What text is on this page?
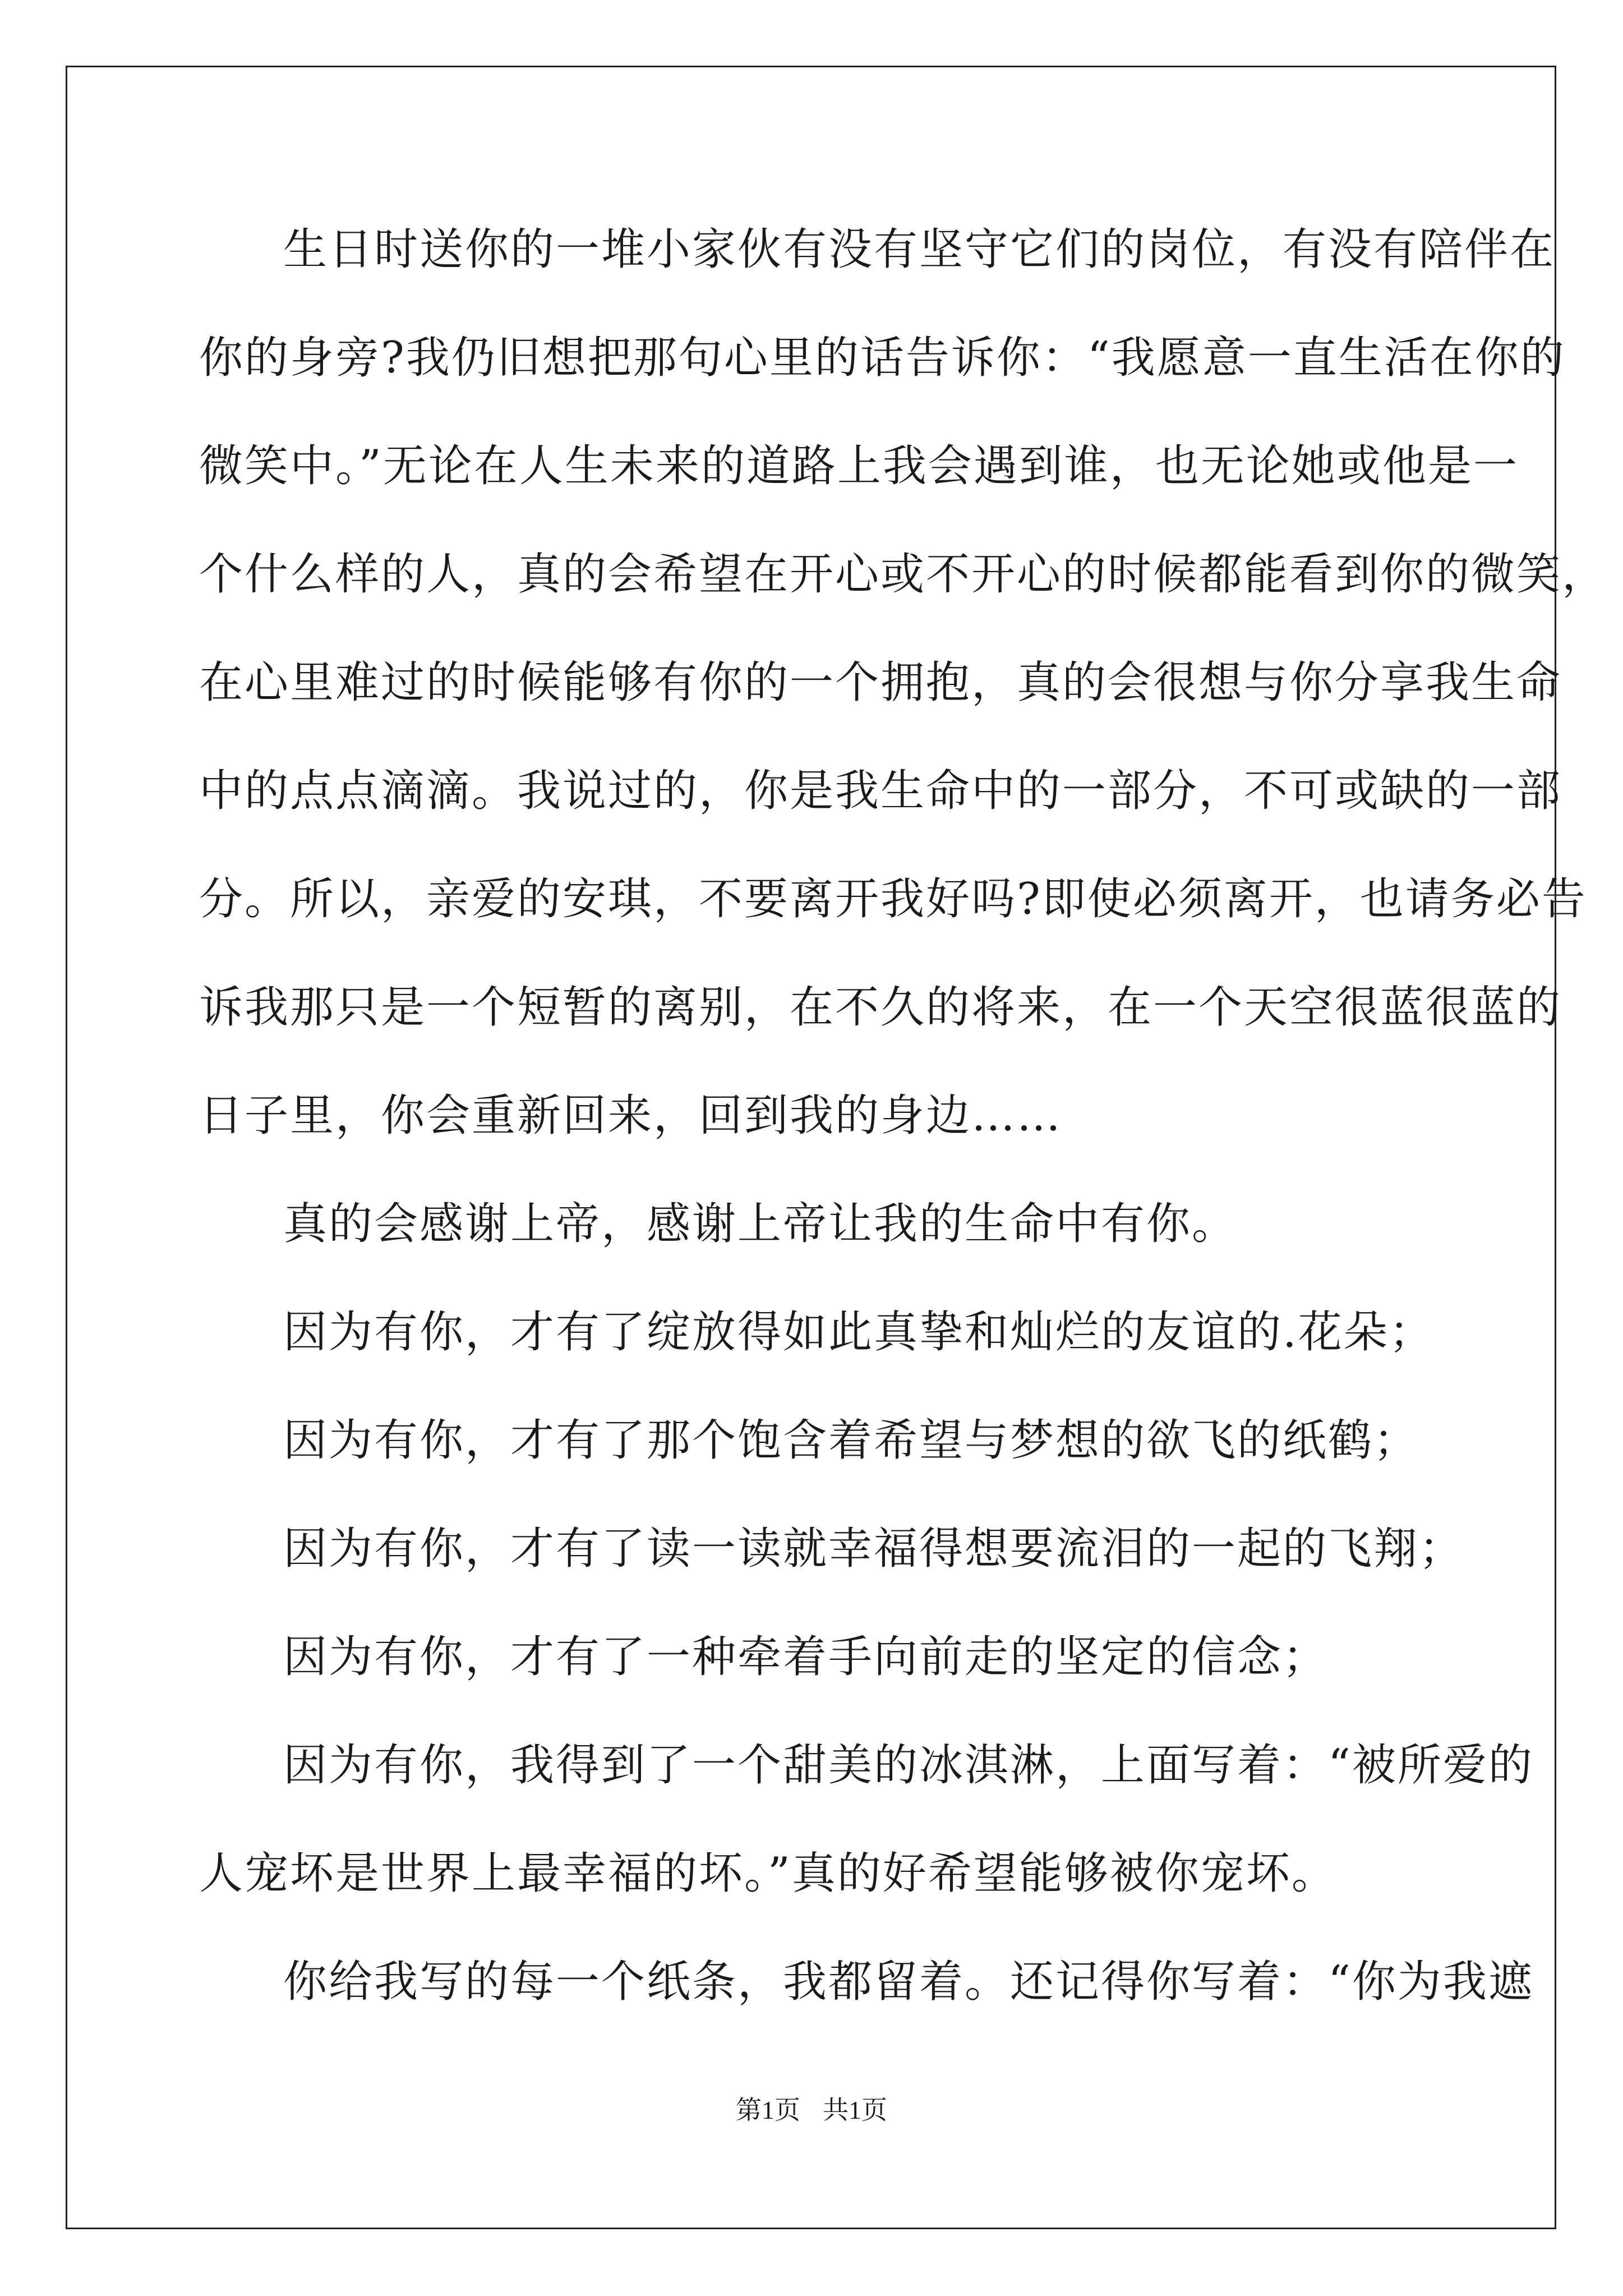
生日时送你的一堆小家伙有没有坚守它们的岗位，有没有陪伴在
你的身旁?我仍旧想把那句心里的话告诉你：“我愿意一直生活在你的
微笑中。”无论在人生未来的道路上我会遇到谁，也无论她或他是一
个什么样的人，真的会希望在开心或不开心的时候都能看到你的微笑，
在心里难过的时候能够有你的一个拥抱，真的会很想与你分享我生命
中的点点滴滴。我说过的，你是我生命中的一部分，不可或缺的一部
分。所以，亲爱的安琪，不要离开我好吗?即使必须离开，也请务必告
诉我那只是一个短暂的离别，在不久的将来，在一个天空很蓝很蓝的
日子里，你会重新回来，回到我的身边……
真的会感谢上帝，感谢上帝让我的生命中有你。
因为有你，才有了绽放得如此真挚和灿烂的友谊的.花朵；
因为有你，才有了那个饱含着希望与梦想的欲飞的纸鹤；
因为有你，才有了读一读就幸福得想要流泪的一起的飞翔；
因为有你，才有了一种牵着手向前走的坚定的信念；
因为有你，我得到了一个甜美的冰淇淋，上面写着：“被所爱的
人宠坏是世界上最幸福的坏。”真的好希望能够被你宠坏。
你给我写的每一个纸条，我都留着。还记得你写着：“你为我遮
第1页 共1页
